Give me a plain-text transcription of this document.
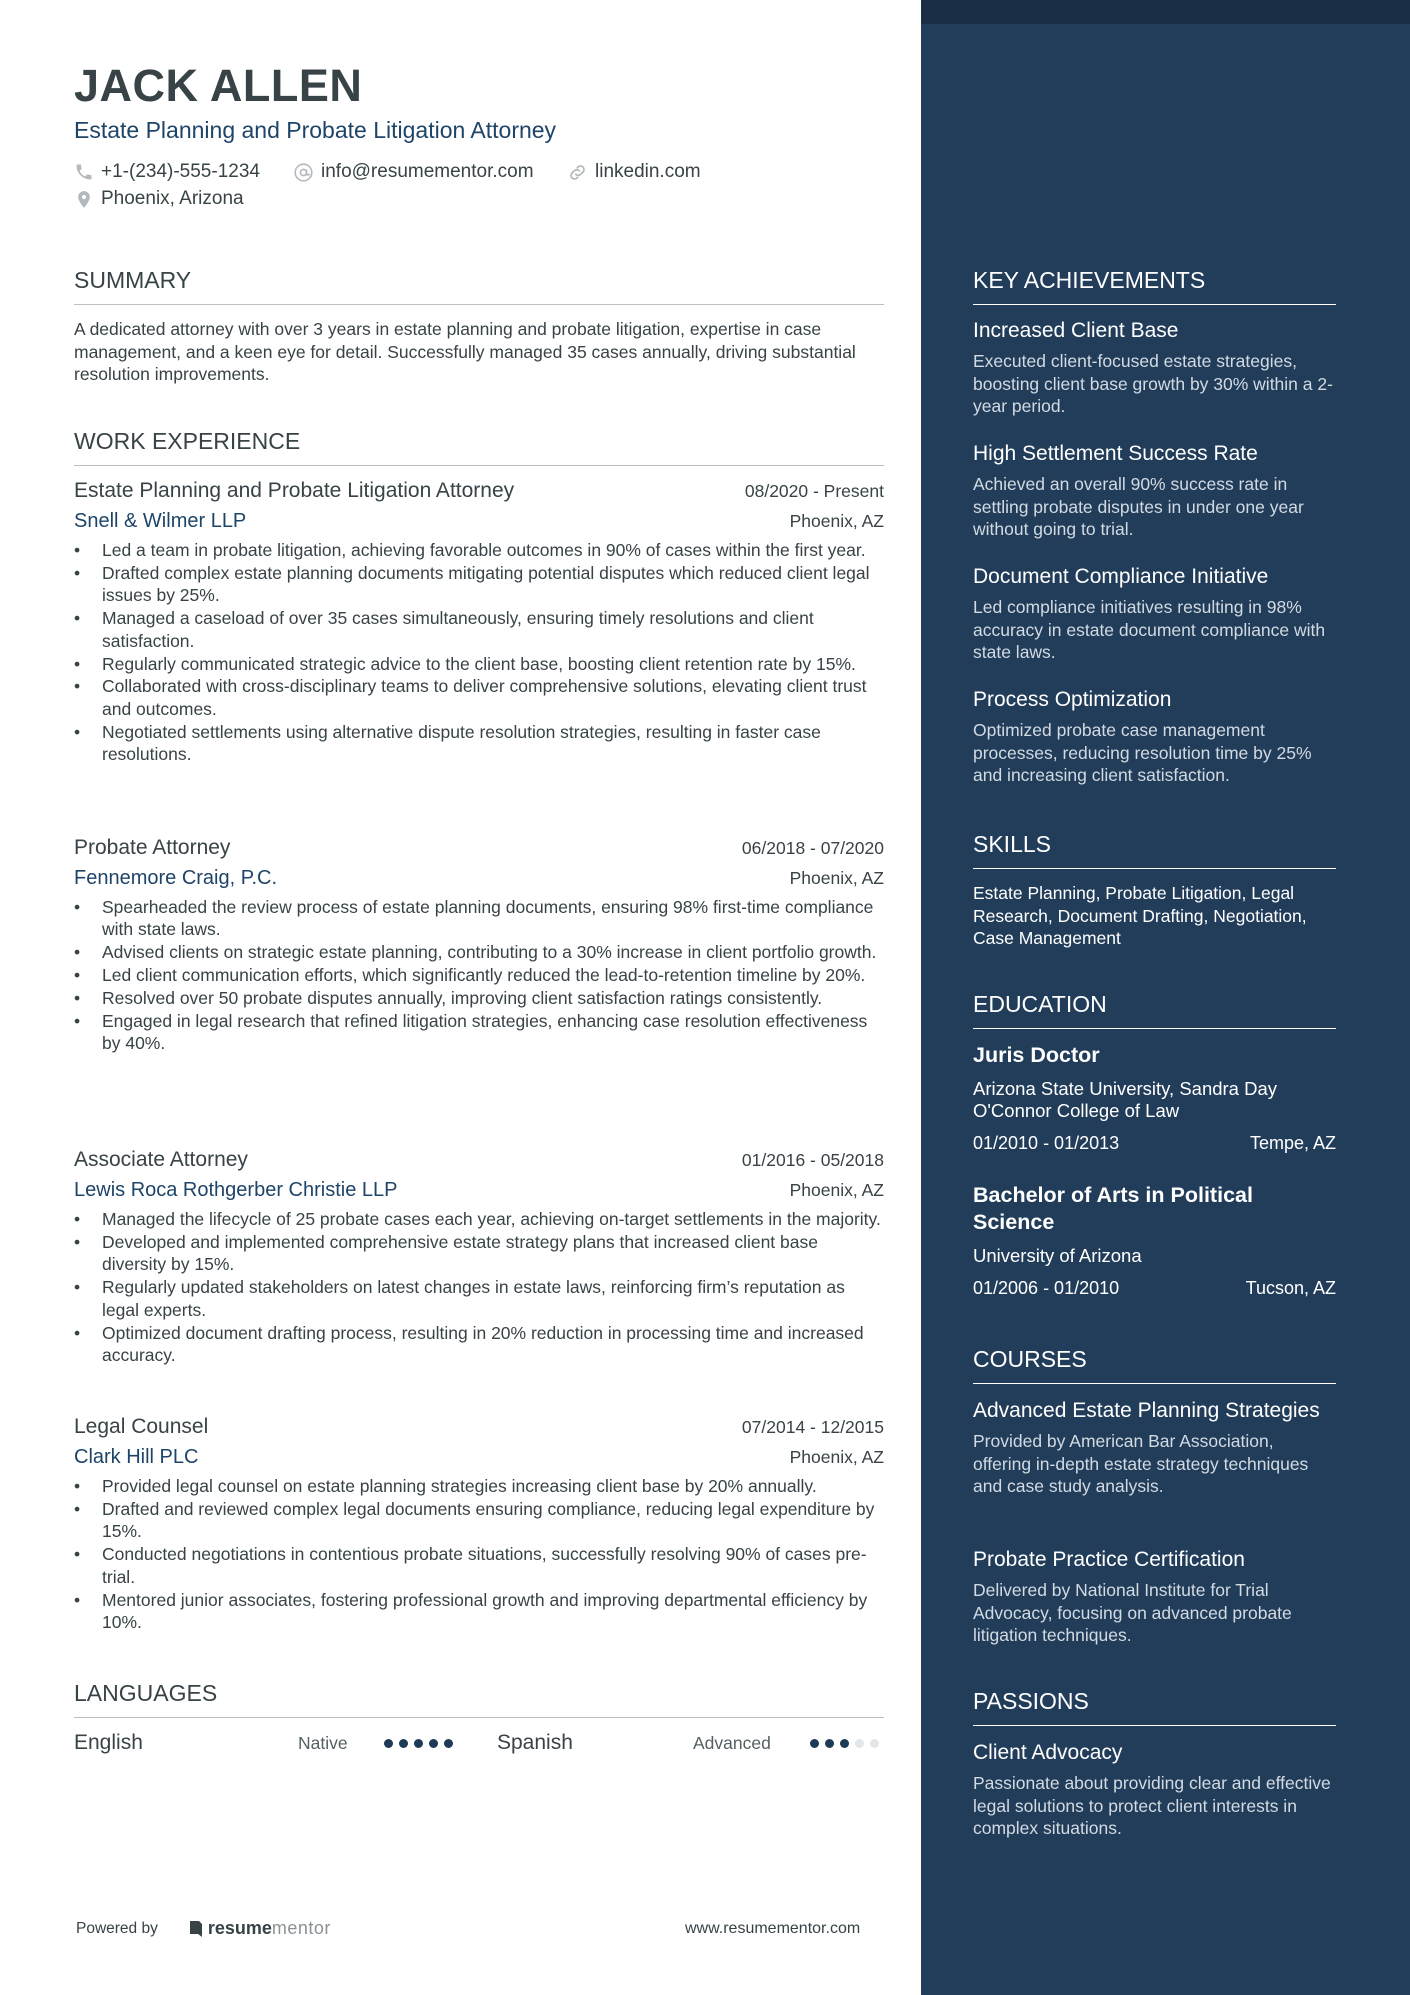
JACK ALLEN
Estate Planning and Probate Litigation Attorney
+1-(234)-555-1234	info@resumementor.com	linkedin.com
Phoenix, Arizona
SUMMARY
A dedicated attorney with over 3 years in estate planning and probate litigation, expertise in case management, and a keen eye for detail. Successfully managed 35 cases annually, driving substantial resolution improvements.
WORK EXPERIENCE
Estate Planning and Probate Litigation Attorney	08/2020 - Present
Snell & Wilmer LLP	Phoenix, AZ
• Led a team in probate litigation, achieving favorable outcomes in 90% of cases within the first year.
• Drafted complex estate planning documents mitigating potential disputes which reduced client legal issues by 25%.
• Managed a caseload of over 35 cases simultaneously, ensuring timely resolutions and client satisfaction.
• Regularly communicated strategic advice to the client base, boosting client retention rate by 15%.
• Collaborated with cross-disciplinary teams to deliver comprehensive solutions, elevating client trust and outcomes.
• Negotiated settlements using alternative dispute resolution strategies, resulting in faster case resolutions.
Probate Attorney	06/2018 - 07/2020
Fennemore Craig, P.C.	Phoenix, AZ
• Spearheaded the review process of estate planning documents, ensuring 98% first-time compliance with state laws.
• Advised clients on strategic estate planning, contributing to a 30% increase in client portfolio growth.
• Led client communication efforts, which significantly reduced the lead-to-retention timeline by 20%.
• Resolved over 50 probate disputes annually, improving client satisfaction ratings consistently.
• Engaged in legal research that refined litigation strategies, enhancing case resolution effectiveness by 40%.
Associate Attorney	01/2016 - 05/2018
Lewis Roca Rothgerber Christie LLP	Phoenix, AZ
• Managed the lifecycle of 25 probate cases each year, achieving on-target settlements in the majority.
• Developed and implemented comprehensive estate strategy plans that increased client base diversity by 15%.
• Regularly updated stakeholders on latest changes in estate laws, reinforcing firm’s reputation as legal experts.
• Optimized document drafting process, resulting in 20% reduction in processing time and increased accuracy.
Legal Counsel	07/2014 - 12/2015
Clark Hill PLC	Phoenix, AZ
• Provided legal counsel on estate planning strategies increasing client base by 20% annually.
• Drafted and reviewed complex legal documents ensuring compliance, reducing legal expenditure by 15%.
• Conducted negotiations in contentious probate situations, successfully resolving 90% of cases pre-trial.
• Mentored junior associates, fostering professional growth and improving departmental efficiency by 10%.
LANGUAGES
English	Native	Spanish	Advanced
Powered by	resume mentor	www.resumementor.com
KEY ACHIEVEMENTS
Increased Client Base
Executed client-focused estate strategies, boosting client base growth by 30% within a 2-year period.
High Settlement Success Rate
Achieved an overall 90% success rate in settling probate disputes in under one year without going to trial.
Document Compliance Initiative
Led compliance initiatives resulting in 98% accuracy in estate document compliance with state laws.
Process Optimization
Optimized probate case management processes, reducing resolution time by 25% and increasing client satisfaction.
SKILLS
Estate Planning, Probate Litigation, Legal Research, Document Drafting, Negotiation, Case Management
EDUCATION
Juris Doctor
Arizona State University, Sandra Day O'Connor College of Law
01/2010 - 01/2013	Tempe, AZ
Bachelor of Arts in Political Science
University of Arizona
01/2006 - 01/2010	Tucson, AZ
COURSES
Advanced Estate Planning Strategies
Provided by American Bar Association, offering in-depth estate strategy techniques and case study analysis.
Probate Practice Certification
Delivered by National Institute for Trial Advocacy, focusing on advanced probate litigation techniques.
PASSIONS
Client Advocacy
Passionate about providing clear and effective legal solutions to protect client interests in complex situations.
